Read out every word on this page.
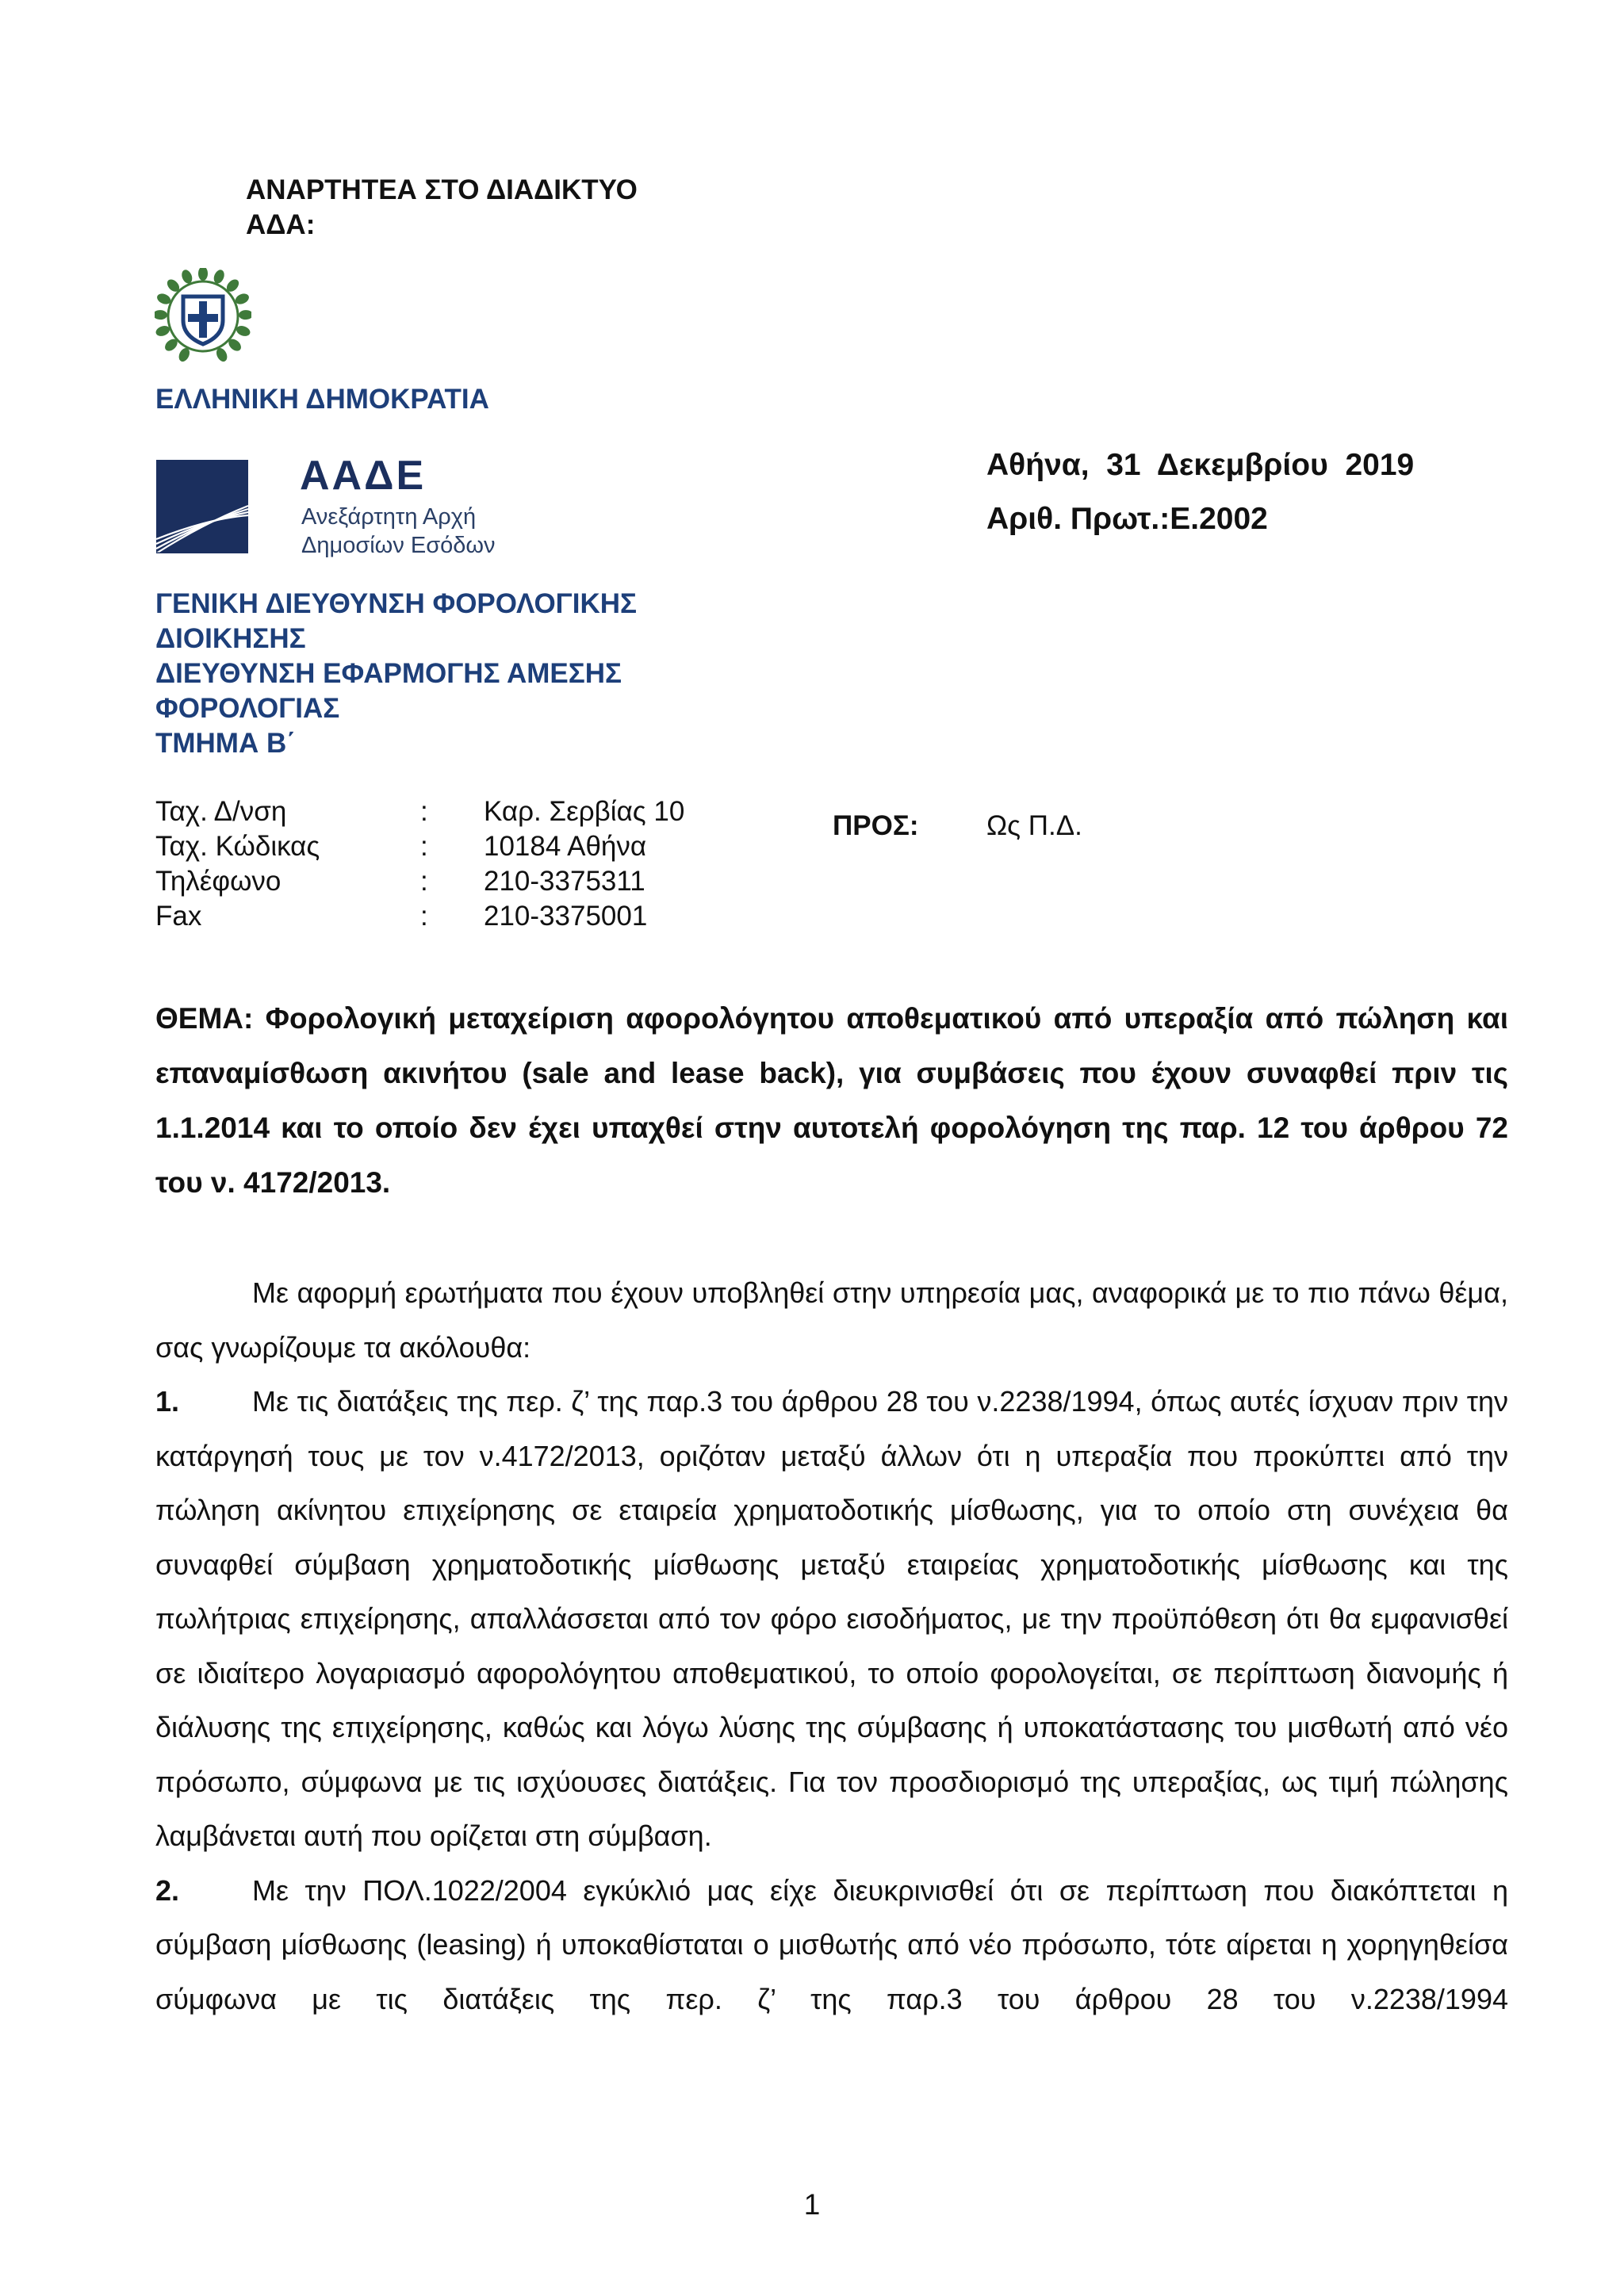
ΑΝΑΡΤΗΤΕΑ ΣΤΟ ΔΙΑΔΙΚΤΥΟ
ΑΔΑ:
ΕΛΛΗΝΙΚΗ ΔΗΜΟΚΡΑΤΙΑ
ΑΑΔΕ
Ανεξάρτητη Αρχή
Δημοσίων Εσόδων
ΓΕΝΙΚΗ ΔΙΕΥΘΥΝΣΗ ΦΟΡΟΛΟΓΙΚΗΣ
ΔΙΟΙΚΗΣΗΣ
ΔΙΕΥΘΥΝΣΗ ΕΦΑΡΜΟΓΗΣ ΑΜΕΣΗΣ
ΦΟΡΟΛΟΓΙΑΣ
ΤΜΗΜΑ Β΄
Ταχ. Δ/νση	: Καρ. Σερβίας 10
Ταχ. Κώδικας	: 10184 Αθήνα
Τηλέφωνο	: 210-3375311
Fax	: 210-3375001
Αθήνα,  31  Δεκεμβρίου  2019
Αριθ. Πρωτ.:Ε.2002
ΠΡΟΣ: Ως Π.Δ.
ΘΕΜΑ: Φορολογική μεταχείριση αφορολόγητου αποθεματικού από υπεραξία από πώληση και επαναμίσθωση ακινήτου (sale and lease back), για συμβάσεις που έχουν συναφθεί πριν τις 1.1.2014 και το οποίο δεν έχει υπαχθεί στην αυτοτελή φορολόγηση της παρ. 12 του άρθρου 72 του ν. 4172/2013.

Με αφορμή ερωτήματα που έχουν υποβληθεί στην υπηρεσία μας, αναφορικά με το πιο πάνω θέμα, σας γνωρίζουμε τα ακόλουθα:

1.	Με τις διατάξεις της περ. ζ’ της παρ.3 του άρθρου 28 του ν.2238/1994, όπως αυτές ίσχυαν πριν την κατάργησή τους με τον ν.4172/2013, οριζόταν μεταξύ άλλων ότι η υπεραξία που προκύπτει από την πώληση ακίνητου επιχείρησης σε εταιρεία χρηματοδοτικής μίσθωσης, για το οποίο στη συνέχεια θα συναφθεί σύμβαση χρηματοδοτικής μίσθωσης μεταξύ εταιρείας χρηματοδοτικής μίσθωσης και της πωλήτριας επιχείρησης, απαλλάσσεται από τον φόρο εισοδήματος, με την προϋπόθεση ότι θα εμφανισθεί σε ιδιαίτερο λογαριασμό αφορολόγητου αποθεματικού, το οποίο φορολογείται, σε περίπτωση διανομής ή διάλυσης της επιχείρησης, καθώς και λόγω λύσης της σύμβασης ή υποκατάστασης του μισθωτή από νέο πρόσωπο, σύμφωνα με τις ισχύουσες διατάξεις. Για τον προσδιορισμό της υπεραξίας, ως τιμή πώλησης λαμβάνεται αυτή που ορίζεται στη σύμβαση.

2.	Με την ΠΟΛ.1022/2004 εγκύκλιό μας είχε διευκρινισθεί ότι σε περίπτωση που διακόπτεται η σύμβαση μίσθωσης (leasing) ή υποκαθίσταται ο μισθωτής από νέο πρόσωπο, τότε αίρεται η χορηγηθείσα σύμφωνα με τις διατάξεις της περ. ζ’ της παρ.3 του άρθρου 28 του ν.2238/1994

1
